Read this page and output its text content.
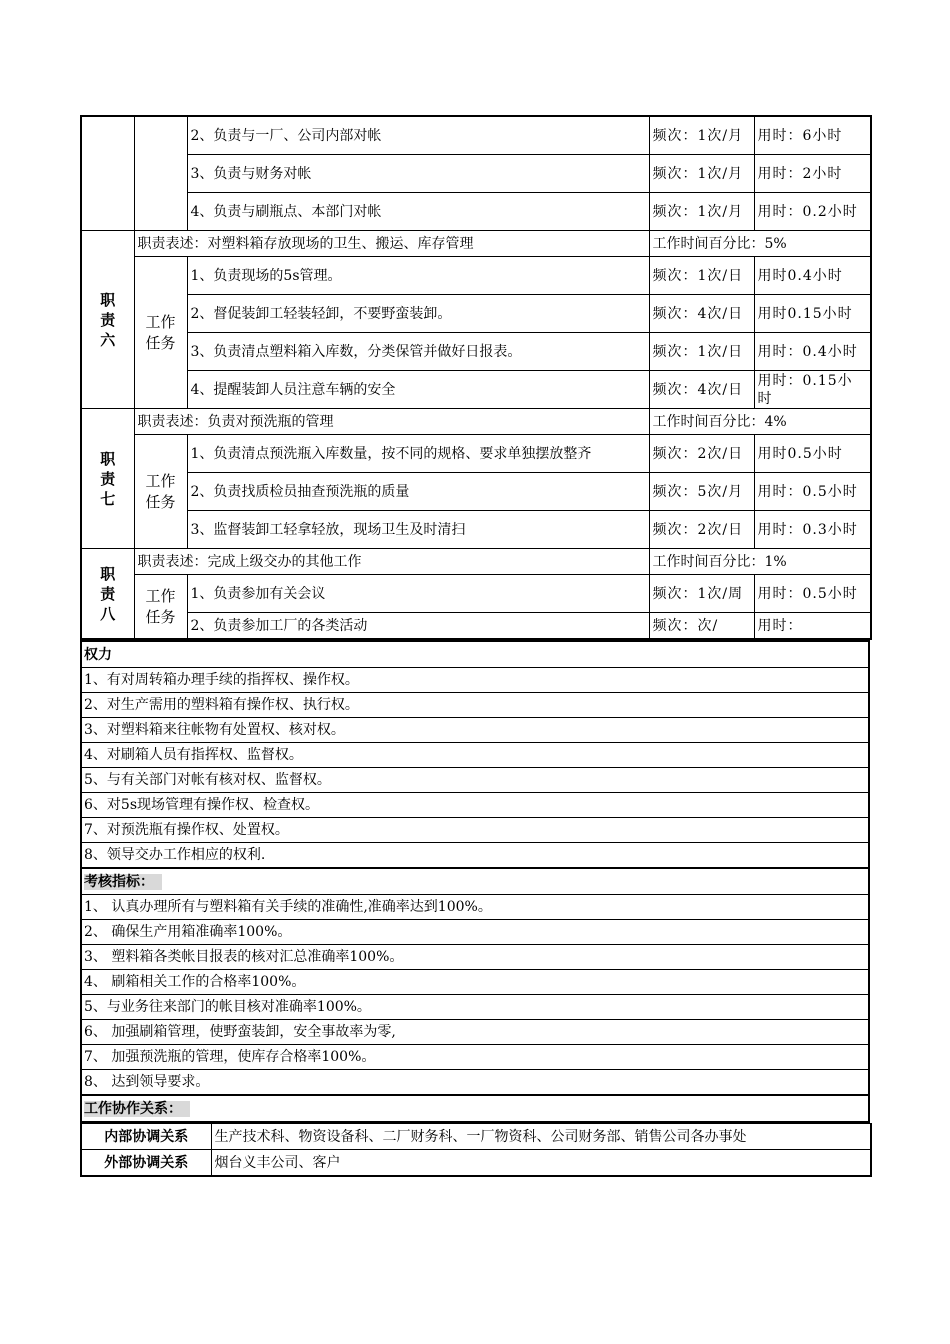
		2、负责与一厂、公司内部对帐	频次：1次/月	用时：6小时
		3、负责与财务对帐	频次：1次/月	用时：2小时
		4、负责与刷瓶点、本部门对帐	频次：1次/月	用时：0.2小时
职责六	职责表述：对塑料箱存放现场的卫生、搬运、库存管理		工作时间百分比：5%	
	工作任务	1、负责现场的5s管理。	频次：1次/日	用时0.4小时
		2、督促装卸工轻装轻卸，不要野蛮装卸。	频次：4次/日	用时0.15小时
		3、负责清点塑料箱入库数，分类保管并做好日报表。	频次：1次/日	用时：0.4小时
		4、提醒装卸人员注意车辆的安全	频次：4次/日	用时：0.15小时
职责七	职责表述：负责对预洗瓶的管理		工作时间百分比：4%	
	工作任务	1、负责清点预洗瓶入库数量，按不同的规格、要求单独摆放整齐	频次：2次/日	用时0.5小时
		2、负责找质检员抽查预洗瓶的质量	频次：5次/月	用时：0.5小时
		3、监督装卸工轻拿轻放，现场卫生及时清扫	频次：2次/日	用时：0.3小时
职责八	职责表述：完成上级交办的其他工作		工作时间百分比：1%	
	工作任务	1、负责参加有关会议	频次：1次/周	用时：0.5小时
		2、负责参加工厂的各类活动	频次：次/	用时：
权力
1、有对周转箱办理手续的指挥权、操作权。
2、对生产需用的塑料箱有操作权、执行权。
3、对塑料箱来往帐物有处置权、核对权。
4、对刷箱人员有指挥权、监督权。
5、与有关部门对帐有核对权、监督权。
6、对5s现场管理有操作权、检查权。
7、对预洗瓶有操作权、处置权。
8、领导交办工作相应的权利.
考核指标：
1、 认真办理所有与塑料箱有关手续的准确性,准确率达到100%。
2、 确保生产用箱准确率100%。
3、 塑料箱各类帐目报表的核对汇总准确率100%。
4、 刷箱相关工作的合格率100%。
5、与业务往来部门的帐目核对准确率100%。
6、 加强刷箱管理，使野蛮装卸，安全事故率为零,
7、 加强预洗瓶的管理，使库存合格率100%。
8、 达到领导要求。
工作协作关系：
内部协调关系	生产技术科、物资设备科、二厂财务科、一厂物资科、公司财务部、销售公司各办事处
外部协调关系	烟台义丰公司、客户
